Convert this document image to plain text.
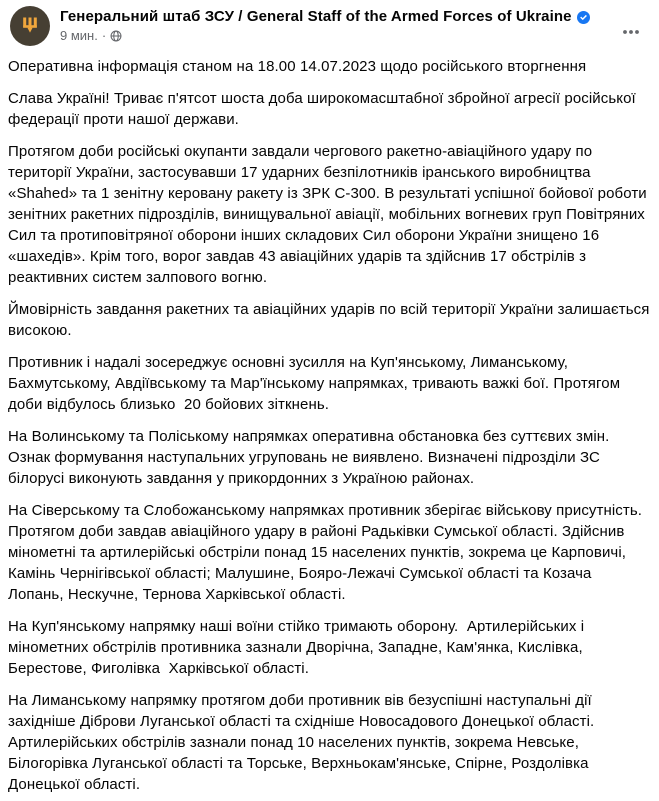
Генеральний штаб ЗСУ / General Staff of the Armed Forces of Ukraine
9 мин. ·

Оперативна інформація станом на 18.00 14.07.2023 щодо російського вторгнення

Слава Україні! Триває п'ятсот шоста доба широкомасштабної збройної агресії російської федерації проти нашої держави.

Протягом доби російські окупанти завдали чергового ракетно-авіаційного удару по території України, застосувавши 17 ударних безпілотників іранського виробництва «Shahed» та 1 зенітну керовану ракету із ЗРК С-300. В результаті успішної бойової роботи зенітних ракетних підрозділів, винищувальної авіації, мобільних вогневих груп Повітряних Сил та протиповітряної оборони інших складових Сил оборони України знищено 16 «шахедів». Крім того, ворог завдав 43 авіаційних ударів та здійснив 17 обстрілів з реактивних систем залпового вогню.

Ймовірність завдання ракетних та авіаційних ударів по всій території України залишається високою.

Противник і надалі зосереджує основні зусилля на Куп'янському, Лиманському, Бахмутському, Авдіївському та Мар'їнському напрямках, тривають важкі бої. Протягом доби відбулось близько  20 бойових зіткнень.

На Волинському та Поліському напрямках оперативна обстановка без суттєвих змін. Ознак формування наступальних угруповань не виявлено. Визначені підрозділи ЗС білорусі виконують завдання у прикордонних з Україною районах.

На Сіверському та Слобожанському напрямках противник зберігає військову присутність. Протягом доби завдав авіаційного удару в районі Радьківки Сумської області. Здійснив мінометні та артилерійські обстріли понад 15 населених пунктів, зокрема це Карповичі, Камінь Чернігівської області; Малушине, Бояро-Лежачі Сумської області та Козача Лопань, Нескучне, Тернова Харківської області.

На Куп'янському напрямку наші воїни стійко тримають оборону.  Артилерійських і мінометних обстрілів противника зазнали Дворічна, Западне, Кам'янка, Кислівка, Берестове, Фиголівка  Харківської області.

На Лиманському напрямку протягом доби противник вів безуспішні наступальні дії західніше Діброви Луганської області та східніше Новосадового Донецької області. Артилерійських обстрілів зазнали понад 10 населених пунктів, зокрема Невське, Білогорівка Луганської області та Торське, Верхньокам'янське, Спірне, Роздолівка Донецької області.
